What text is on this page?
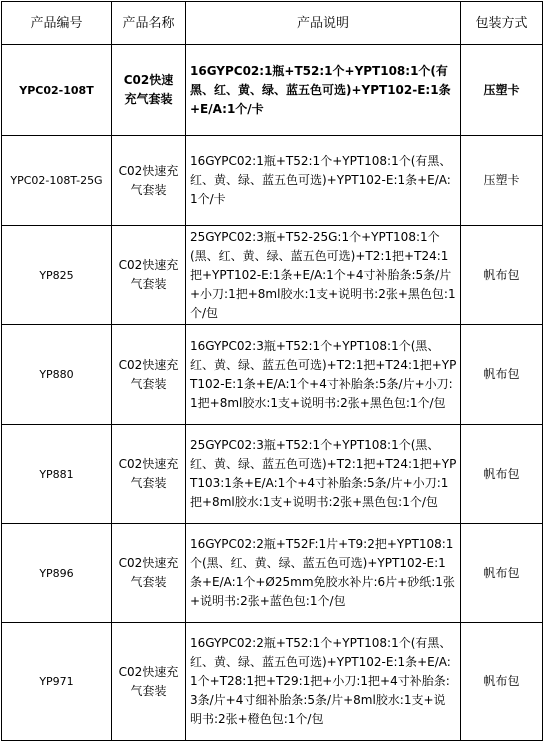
产品编号	产品名称	产品说明	包装方式
YPC02-108T	C02快速充气套装	16GYPC02:1瓶+T52:1个+YPT108:1个(有黑、红、黄、绿、蓝五色可选)+YPT102-E:1条+E/A:1个/卡	压塑卡
YPC02-108T-25G	C02快速充气套装	16GYPC02:1瓶+T52:1个+YPT108:1个(有黑、红、黄、绿、蓝五色可选)+YPT102-E:1条+E/A:1个/卡	压塑卡
YP825	C02快速充气套装	25GYPC02:3瓶+T52-25G:1个+YPT108:1个(黑、红、黄、绿、蓝五色可选)+T2:1把+T24:1把+YPT102-E:1条+E/A:1个+4寸补胎条:5条/片+小刀:1把+8ml胶水:1支+说明书:2张+黑色包:1个/包	帆布包
YP880	C02快速充气套装	16GYPC02:3瓶+T52:1个+YPT108:1个(黑、红、黄、绿、蓝五色可选)+T2:1把+T24:1把+YPT102-E:1条+E/A:1个+4寸补胎条:5条/片+小刀:1把+8ml胶水:1支+说明书:2张+黑色包:1个/包	帆布包
YP881	C02快速充气套装	25GYPC02:3瓶+T52:1个+YPT108:1个(黑、红、黄、绿、蓝五色可选)+T2:1把+T24:1把+YPT103:1条+E/A:1个+4寸补胎条:5条/片+小刀:1把+8ml胶水:1支+说明书:2张+黑色包:1个/包	帆布包
YP896	C02快速充气套装	16GYPC02:2瓶+T52F:1片+T9:2把+YPT108:1个(黑、红、黄、绿、蓝五色可选)+YPT102-E:1条+E/A:1个+Ø25mm免胶水补片:6片+砂纸:1张+说明书:2张+蓝色包:1个/包	帆布包
YP971	C02快速充气套装	16GYPC02:2瓶+T52:1个+YPT108:1个(有黑、红、黄、绿、蓝五色可选)+YPT102-E:1条+E/A:1个+T28:1把+T29:1把+小刀:1把+4寸补胎条:3条/片+4寸细补胎条:5条/片+8ml胶水:1支+说明书:2张+橙色包:1个/包	帆布包
